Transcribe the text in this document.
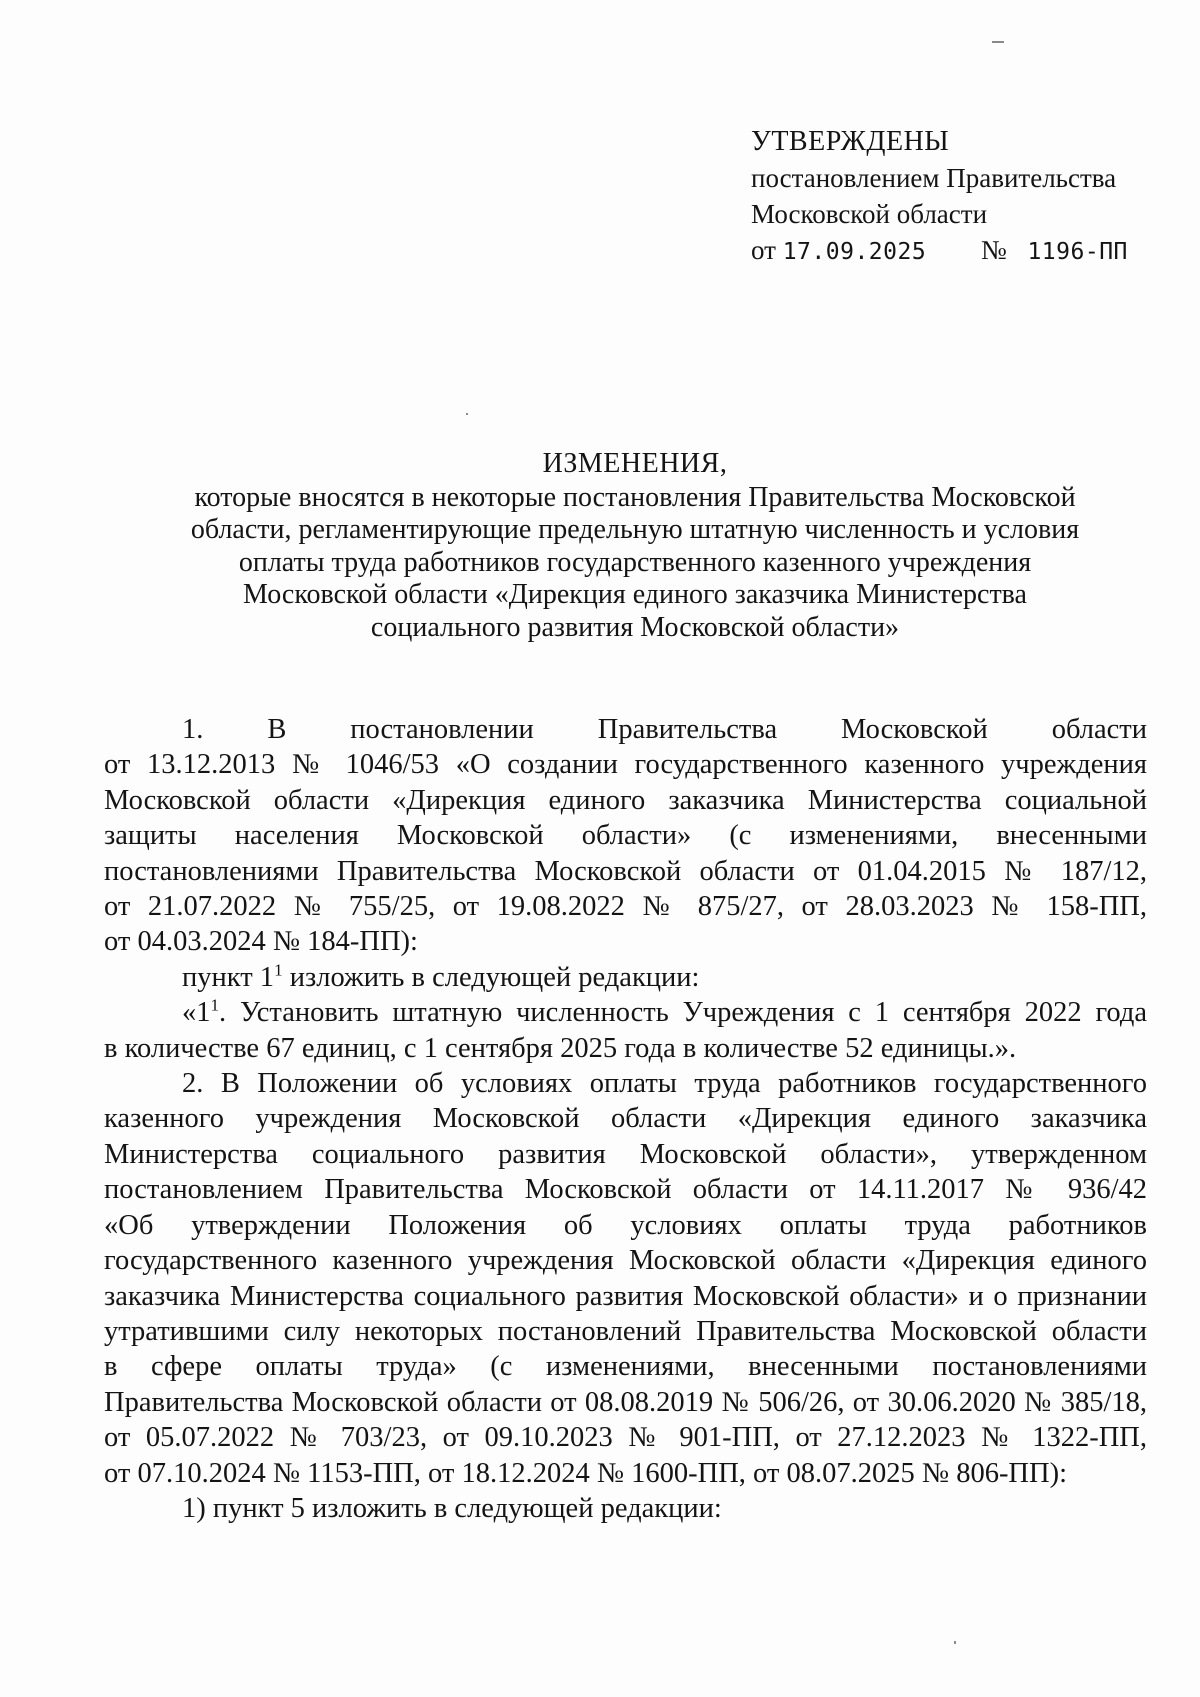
УТВЕРЖДЕНЫ
постановлением Правительства
Московской области
от 17.09.2025 № 1196-ПП
ИЗМЕНЕНИЯ,
которые вносятся в некоторые постановления Правительства Московской
области, регламентирующие предельную штатную численность и условия
оплаты труда работников государственного казенного учреждения
Московской области «Дирекция единого заказчика Министерства
социального развития Московской области»
1. В постановлении Правительства Московской области
от 13.12.2013 № 1046/53 «О создании государственного казенного учреждения
Московской области «Дирекция единого заказчика Министерства социальной
защиты населения Московской области» (с изменениями, внесенными
постановлениями Правительства Московской области от 01.04.2015 № 187/12,
от 21.07.2022 № 755/25, от 19.08.2022 № 875/27, от 28.03.2023 № 158-ПП,
от 04.03.2024 № 184-ПП):
пункт $1^1$ изложить в следующей редакции:
«$1^1$. Установить штатную численность Учреждения с 1 сентября 2022 года
в количестве 67 единиц, с 1 сентября 2025 года в количестве 52 единицы.».
2. В Положении об условиях оплаты труда работников государственного
казенного учреждения Московской области «Дирекция единого заказчика
Министерства социального развития Московской области», утвержденном
постановлением Правительства Московской области от 14.11.2017 № 936/42
«Об утверждении Положения об условиях оплаты труда работников
государственного казенного учреждения Московской области «Дирекция единого
заказчика Министерства социального развития Московской области» и о признании
утратившими силу некоторых постановлений Правительства Московской области
в сфере оплаты труда» (с изменениями, внесенными постановлениями
Правительства Московской области от 08.08.2019 № 506/26, от 30.06.2020 № 385/18,
от 05.07.2022 № 703/23, от 09.10.2023 № 901-ПП, от 27.12.2023 № 1322-ПП,
от 07.10.2024 № 1153-ПП, от 18.12.2024 № 1600-ПП, от 08.07.2025 № 806-ПП):
1) пункт 5 изложить в следующей редакции:
